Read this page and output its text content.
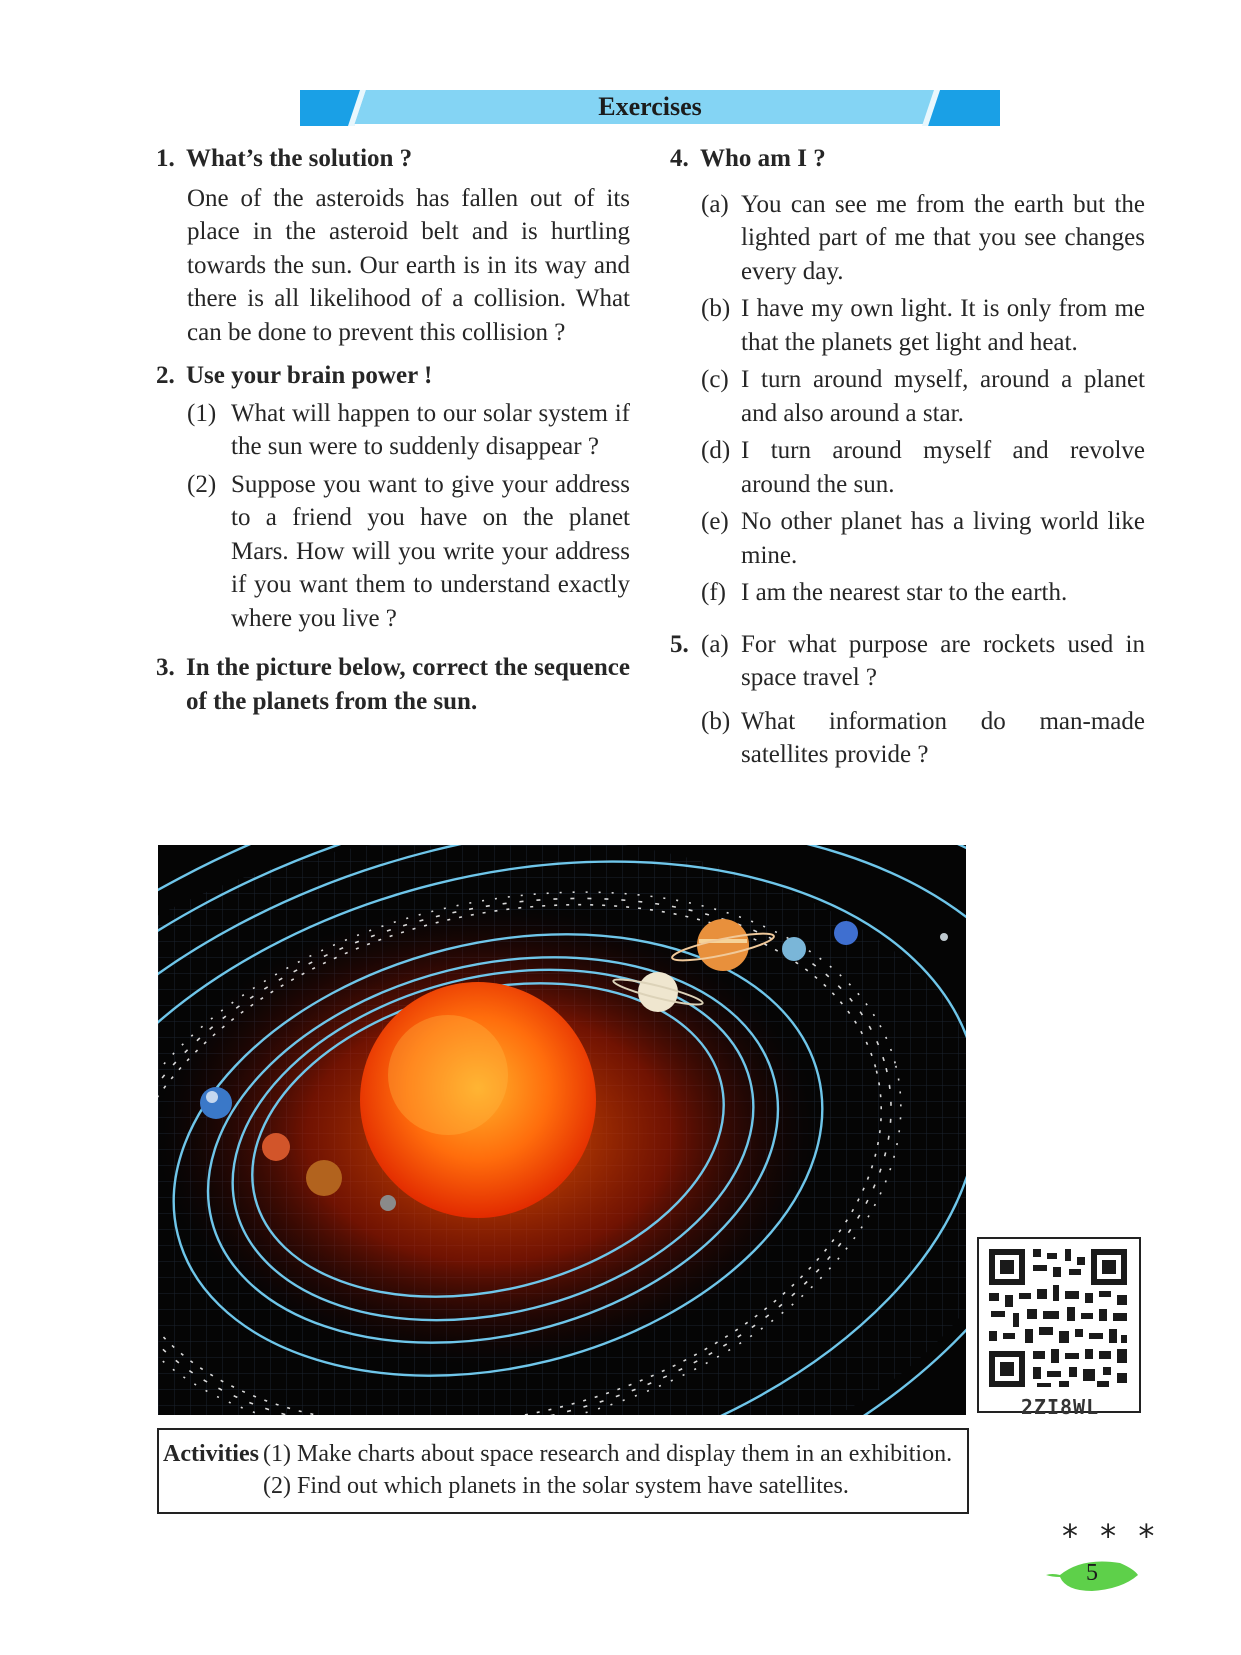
Exercises
1. What’s the solution ?
One of the asteroids has fallen out of its place in the asteroid belt and is hurtling towards the sun. Our earth is in its way and there is all likelihood of a collision. What can be done to prevent this collision ?
2. Use your brain power !
(1) What will happen to our solar system if the sun were to suddenly disappear ?
(2) Suppose you want to give your address to a friend you have on the planet Mars. How will you write your address if you want them to understand exactly where you live ?
3. In the picture below, correct the sequence of the planets from the sun.
4. Who am I ?
(a) You can see me from the earth but the lighted part of me that you see changes every day.
(b) I have my own light. It is only from me that the planets get light and heat.
(c) I turn around myself, around a planet and also around a star.
(d) I turn around myself and revolve around the sun.
(e) No other planet has a living world like mine.
(f) I am the nearest star to the earth.
5. (a) For what purpose are rockets used in space travel ?
(b) What information do man-made satellites provide ?
2ZI8WL
Activities (1) Make charts about space research and display them in an exhibition.
(2) Find out which planets in the solar system have satellites.
* * *
5
